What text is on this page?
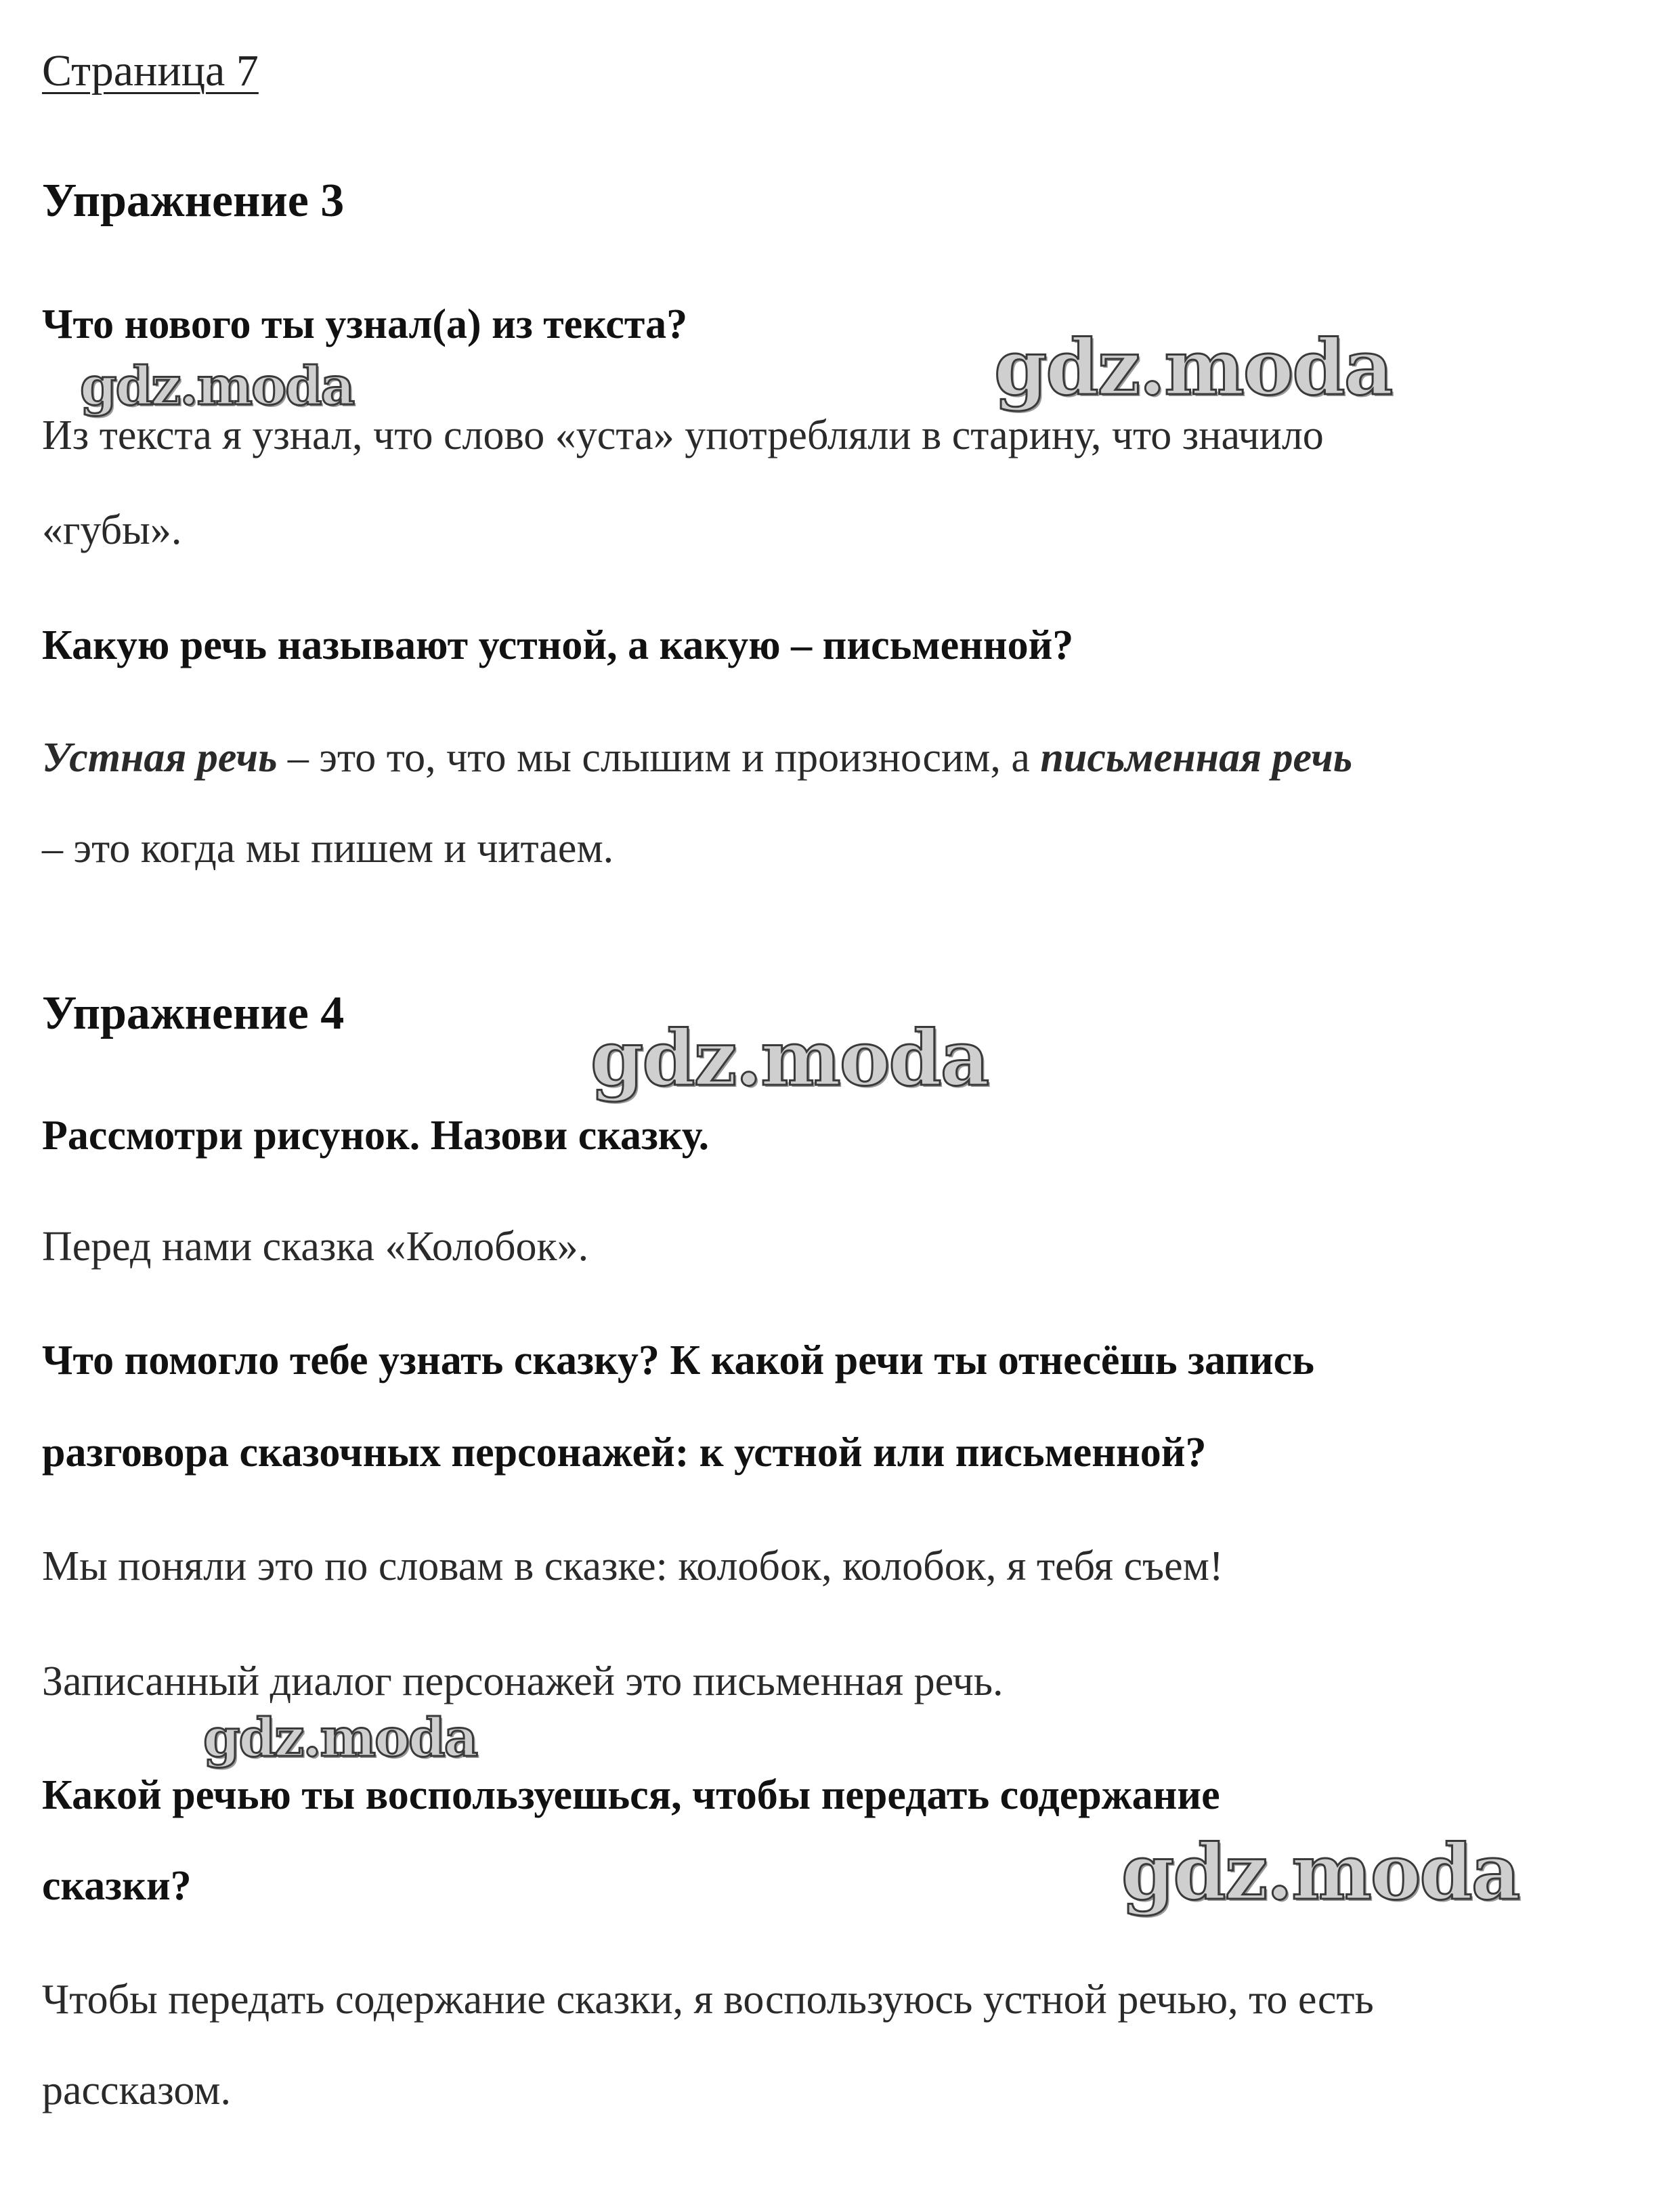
Страница 7
Упражнение 3
Что нового ты узнал(а) из текста?
Из текста я узнал, что слово «уста» употребляли в старину, что значило
«губы».
Какую речь называют устной, а какую – письменной?
Устная речь – это то, что мы слышим и произносим, а письменная речь
– это когда мы пишем и читаем.
Упражнение 4
Рассмотри рисунок. Назови сказку.
Перед нами сказка «Колобок».
Что помогло тебе узнать сказку? К какой речи ты отнесёшь запись
разговора сказочных персонажей: к устной или письменной?
Мы поняли это по словам в сказке: колобок, колобок, я тебя съем!
Записанный диалог персонажей это письменная речь.
Какой речью ты воспользуешься, чтобы передать содержание
сказки?
Чтобы передать содержание сказки, я воспользуюсь устной речью, то есть
рассказом.
gdz.moda	gdz.moda
gdz.moda
gdz.moda
gdz.moda
